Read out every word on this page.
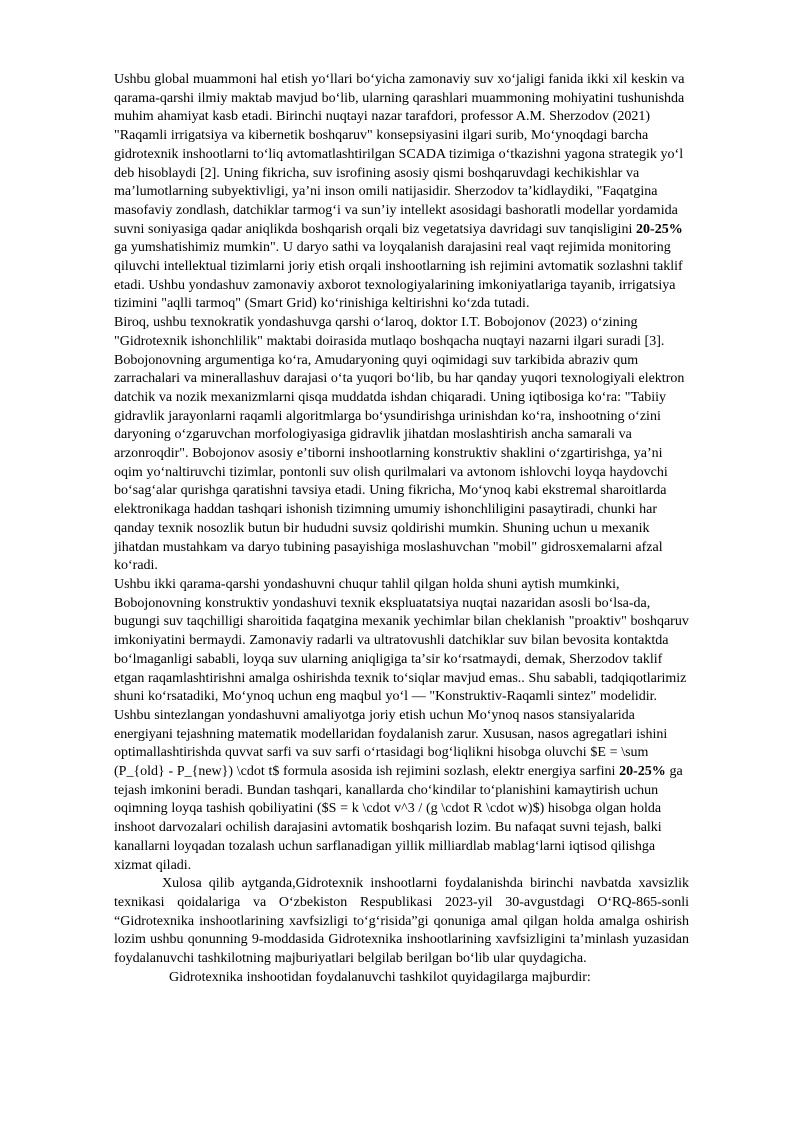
Ushbu global muammoni hal etish yoʻllari boʻyicha zamonaviy suv xoʻjaligi fanida ikki xil keskin va qarama-qarshi ilmiy maktab mavjud boʻlib, ularning qarashlari muammoning mohiyatini tushunishda muhim ahamiyat kasb etadi. Birinchi nuqtayi nazar tarafdori, professor A.M. Sherzodov (2021) "Raqamli irrigatsiya va kibernetik boshqaruv" konsepsiyasini ilgari surib, Moʻynoqdagi barcha gidrotexnik inshootlarni toʻliq avtomatlashtirilgan SCADA tizimiga oʻtkazishni yagona strategik yoʻl deb hisoblaydi [2]. Uning fikricha, suv isrofining asosiy qismi boshqaruvdagi kechikishlar va maʼlumotlarning subyektivligi, yaʼni inson omili natijasidir. Sherzodov taʼkidlaydiki, "Faqatgina masofaviy zondlash, datchiklar tarmogʻi va sunʼiy intellekt asosidagi bashoratli modellar yordamida suvni soniyasiga qadar aniqlikda boshqarish orqali biz vegetatsiya davridagi suv tanqisligini 20-25% ga yumshatishimiz mumkin". U daryo sathi va loyqalanish darajasini real vaqt rejimida monitoring qiluvchi intellektual tizimlarni joriy etish orqali inshootlarning ish rejimini avtomatik sozlashni taklif etadi. Ushbu yondashuv zamonaviy axborot texnologiyalarining imkoniyatlariga tayanib, irrigatsiya tizimini "aqlli tarmoq" (Smart Grid) koʻrinishiga keltirishni koʻzda tutadi.

Biroq, ushbu texnokratik yondashuvga qarshi oʻlaroq, doktor I.T. Bobojonov (2023) oʻzining "Gidrotexnik ishonchlilik" maktabi doirasida mutlaqo boshqacha nuqtayi nazarni ilgari suradi [3]. Bobojonovning argumentiga koʻra, Amudaryoning quyi oqimidagi suv tarkibida abraziv qum zarrachalari va minerallashuv darajasi oʻta yuqori boʻlib, bu har qanday yuqori texnologiyali elektron datchik va nozik mexanizmlarni qisqa muddatda ishdan chiqaradi. Uning iqtibosiga koʻra: "Tabiiy gidravlik jarayonlarni raqamli algoritmlarga boʻysundirishga urinishdan koʻra, inshootning oʻzini daryoning oʻzgaruvchan morfologiyasiga gidravlik jihatdan moslashtirish ancha samarali va arzonroqdir". Bobojonov asosiy eʼtiborni inshootlarning konstruktiv shaklini oʻzgartirishga, yaʼni oqim yoʻnaltiruvchi tizimlar, pontonli suv olish qurilmalari va avtonom ishlovchi loyqa haydovchi boʻsagʻalar qurishga qaratishni tavsiya etadi. Uning fikricha, Moʻynoq kabi ekstremal sharoitlarda elektronikaga haddan tashqari ishonish tizimning umumiy ishonchliligini pasaytiradi, chunki har qanday texnik nosozlik butun bir hududni suvsiz qoldirishi mumkin. Shuning uchun u mexanik jihatdan mustahkam va daryo tubining pasayishiga moslashuvchan "mobil" gidrosxemalarni afzal koʻradi.

Ushbu ikki qarama-qarshi yondashuvni chuqur tahlil qilgan holda shuni aytish mumkinki, Bobojonovning konstruktiv yondashuvi texnik ekspluatatsiya nuqtai nazaridan asosli boʻlsa-da, bugungi suv taqchilligi sharoitida faqatgina mexanik yechimlar bilan cheklanish "proaktiv" boshqaruv imkoniyatini bermaydi. Zamonaviy radarli va ultratovushli datchiklar suv bilan bevosita kontaktda boʻlmaganligi sababli, loyqa suv ularning aniqligiga taʼsir koʻrsatmaydi, demak, Sherzodov taklif etgan raqamlashtirishni amalga oshirishda texnik toʻsiqlar mavjud emas.. Shu sababli, tadqiqotlarimiz shuni koʻrsatadiki, Moʻynoq uchun eng maqbul yoʻl — "Konstruktiv-Raqamli sintez" modelidir.

Ushbu sintezlangan yondashuvni amaliyotga joriy etish uchun Moʻynoq nasos stansiyalarida energiyani tejashning matematik modellaridan foydalanish zarur. Xususan, nasos agregatlari ishini optimallashtirishda quvvat sarfi va suv sarfi oʻrtasidagi bogʻliqlikni hisobga oluvchi $E = \sum (P_{old} - P_{new}) \cdot t$ formula asosida ish rejimini sozlash, elektr energiya sarfini 20-25% ga tejash imkonini beradi. Bundan tashqari, kanallarda choʻkindilar toʻplanishini kamaytirish uchun oqimning loyqa tashish qobiliyatini ($S = k \cdot v^3 / (g \cdot R \cdot w)$) hisobga olgan holda inshoot darvozalari ochilish darajasini avtomatik boshqarish lozim. Bu nafaqat suvni tejash, balki kanallarni loyqadan tozalash uchun sarflanadigan yillik milliardlab mablagʻlarni iqtisod qilishga xizmat qiladi.

Xulosa qilib aytganda,Gidrotexnik inshootlarni foydalanishda birinchi navbatda xavsizlik texnikasi qoidalariga va Oʻzbekiston Respublikasi 2023-yil 30-avgustdagi OʻRQ-865-sonli “Gidrotexnika inshootlarining xavfsizligi toʻgʻrisida”gi qonuniga amal qilgan holda amalga oshirish lozim ushbu qonunning 9-moddasida Gidrotexnika inshootlarining xavfsizligini taʼminlash yuzasidan foydalanuvchi tashkilotning majburiyatlari belgilab berilgan boʻlib ular quydagicha.

Gidrotexnika inshootidan foydalanuvchi tashkilot quyidagilarga majburdir:
